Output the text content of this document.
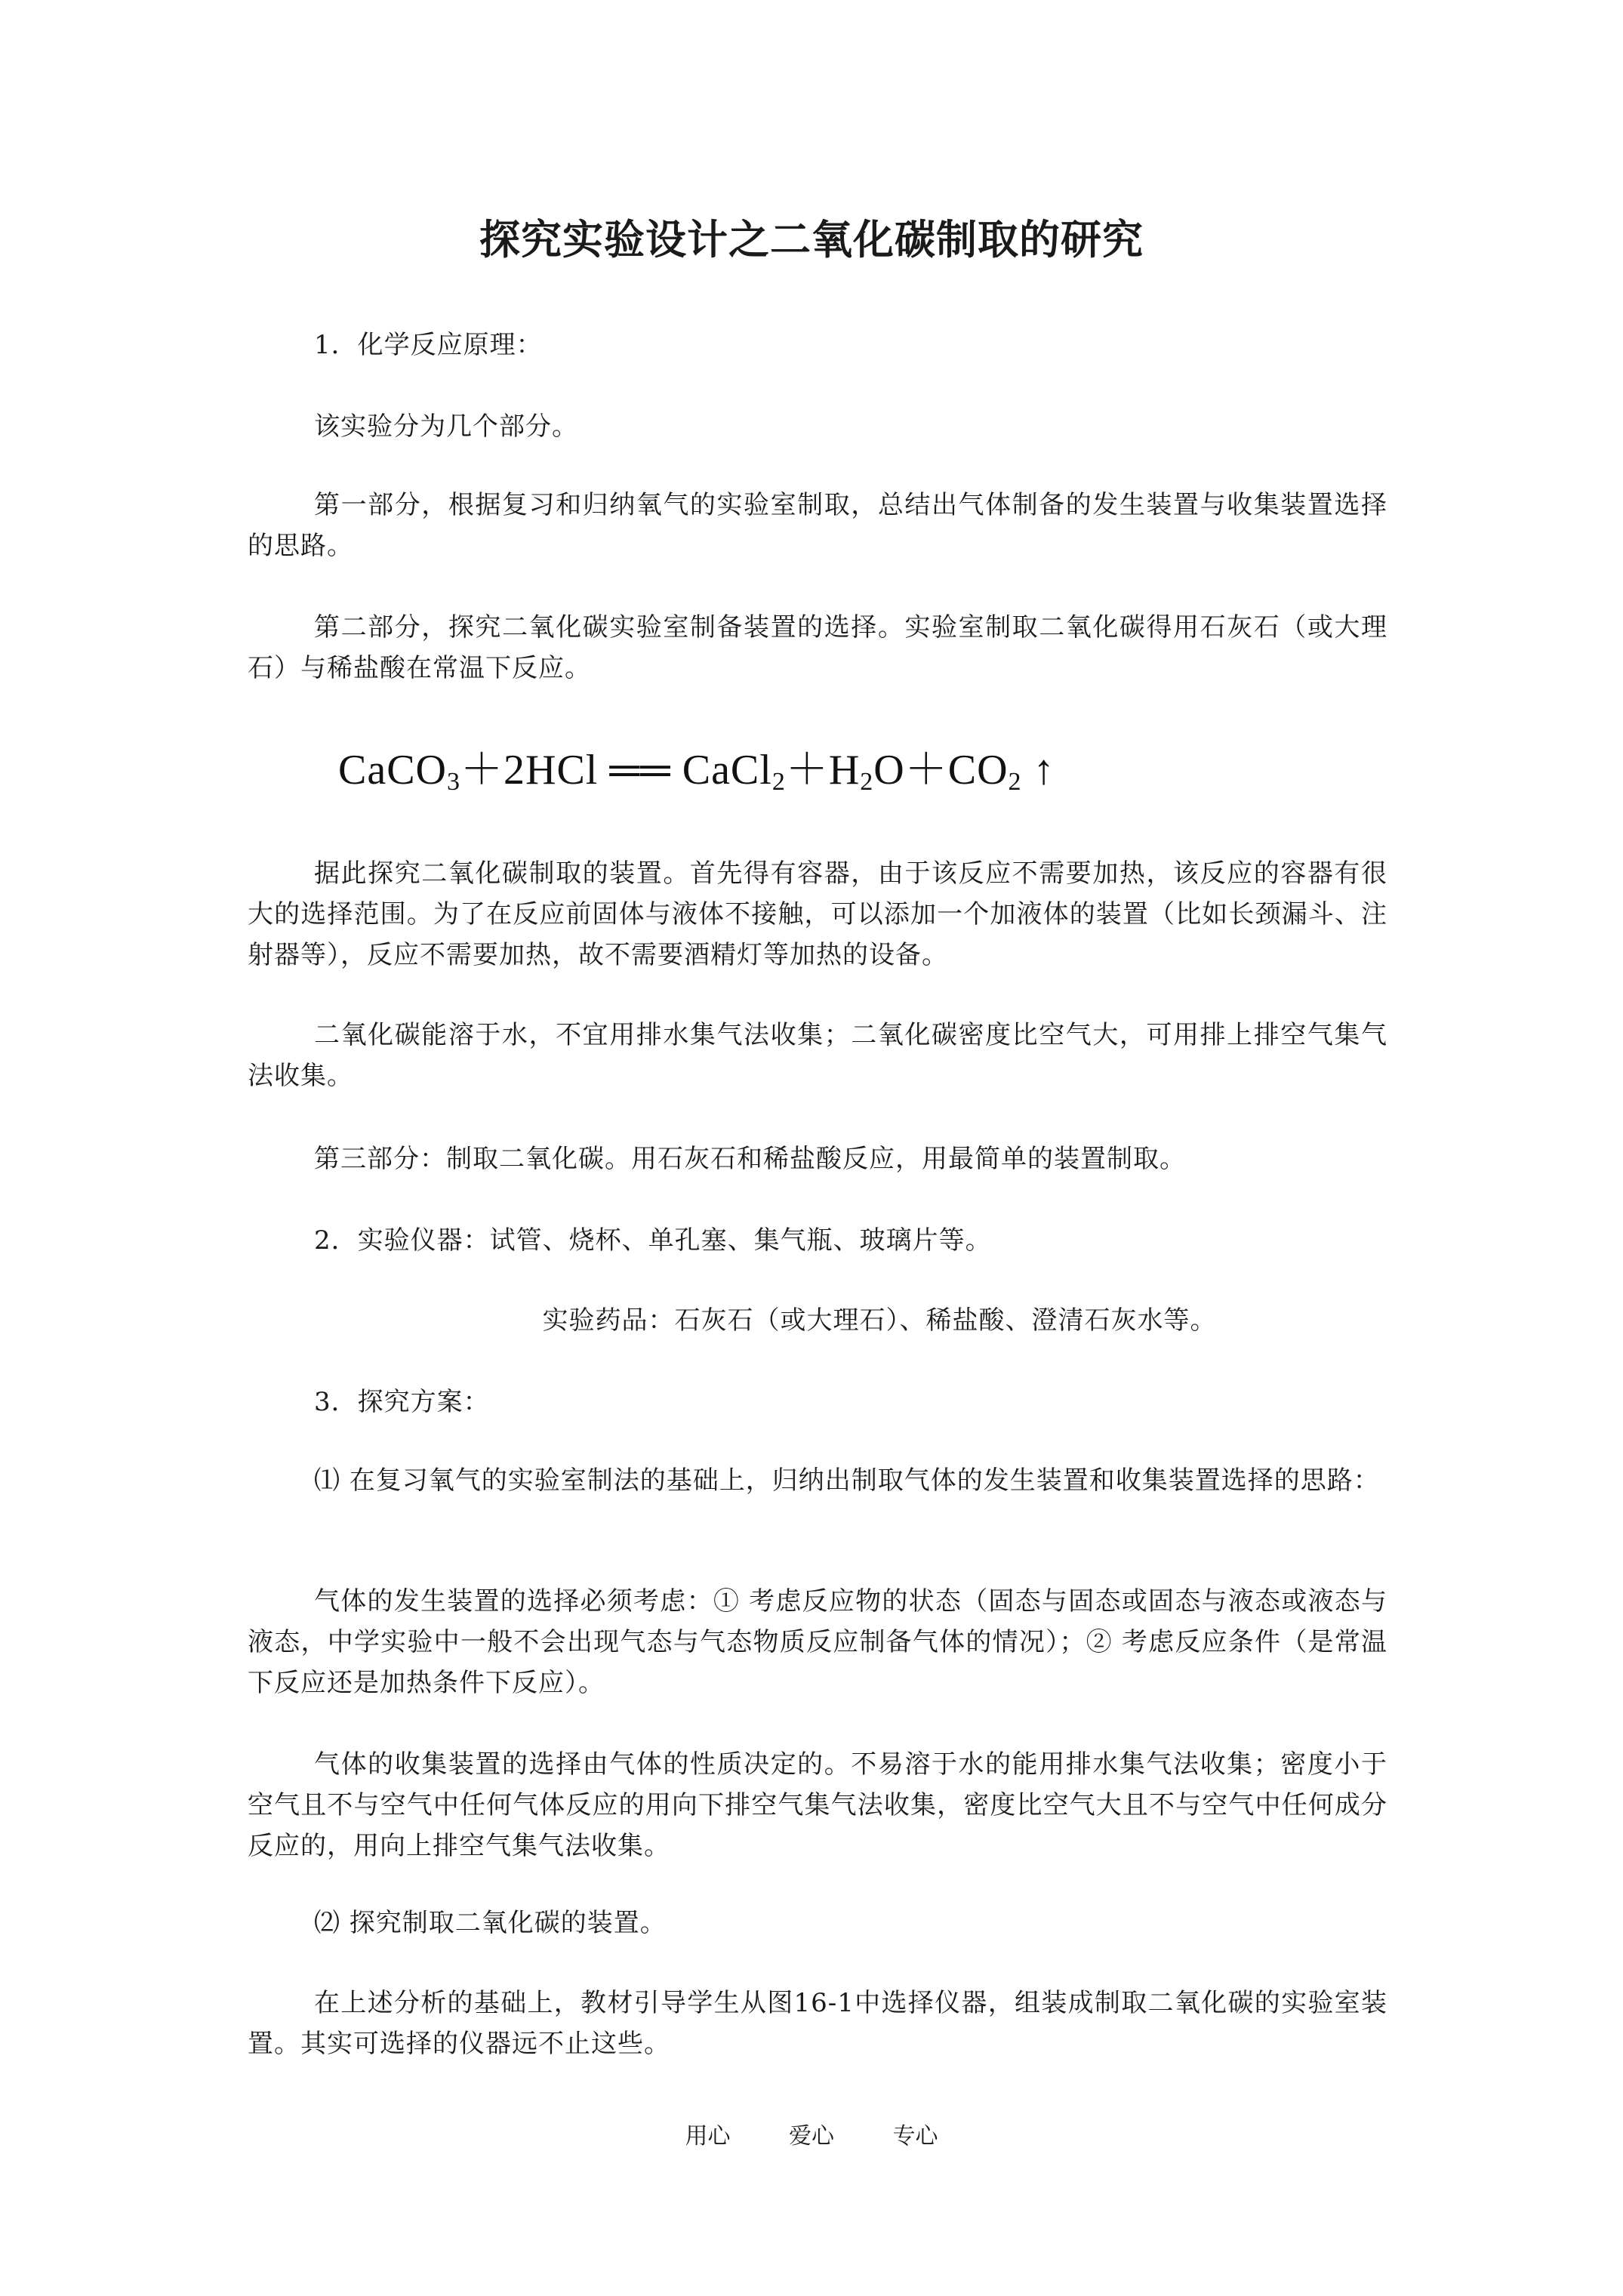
探究实验设计之二氧化碳制取的研究

1．化学反应原理：

该实验分为几个部分。

第一部分，根据复习和归纳氧气的实验室制取，总结出气体制备的发生装置与收集装置选择的思路。

第二部分，探究二氧化碳实验室制备装置的选择。实验室制取二氧化碳得用石灰石（或大理石）与稀盐酸在常温下反应。

CaCO$_3$＋2HCl ══ $CaCl_2+H_2O+CO_2$ ↑

据此探究二氧化碳制取的装置。首先得有容器，由于该反应不需要加热，该反应的容器有很大的选择范围。为了在反应前固体与液体不接触，可以添加一个加液体的装置（比如长颈漏斗、注射器等），反应不需要加热，故不需要酒精灯等加热的设备。

二氧化碳能溶于水，不宜用排水集气法收集；二氧化碳密度比空气大，可用排上排空气集气法收集。

第三部分：制取二氧化碳。用石灰石和稀盐酸反应，用最简单的装置制取。

2．实验仪器：试管、烧杯、单孔塞、集气瓶、玻璃片等。

实验药品：石灰石（或大理石）、稀盐酸、澄清石灰水等。

3．探究方案：

⑴ 在复习氧气的实验室制法的基础上，归纳出制取气体的发生装置和收集装置选择的思路：

气体的发生装置的选择必须考虑：① 考虑反应物的状态（固态与固态或固态与液态或液态与液态，中学实验中一般不会出现气态与气态物质反应制备气体的情况）；② 考虑反应条件（是常温下反应还是加热条件下反应）。

气体的收集装置的选择由气体的性质决定的。不易溶于水的能用排水集气法收集；密度小于空气且不与空气中任何气体反应的用向下排空气集气法收集，密度比空气大且不与空气中任何成分反应的，用向上排空气集气法收集。

⑵ 探究制取二氧化碳的装置。

在上述分析的基础上，教材引导学生从图16-1中选择仪器，组装成制取二氧化碳的实验室装置。其实可选择的仪器远不止这些。

用心	爱心	专心
